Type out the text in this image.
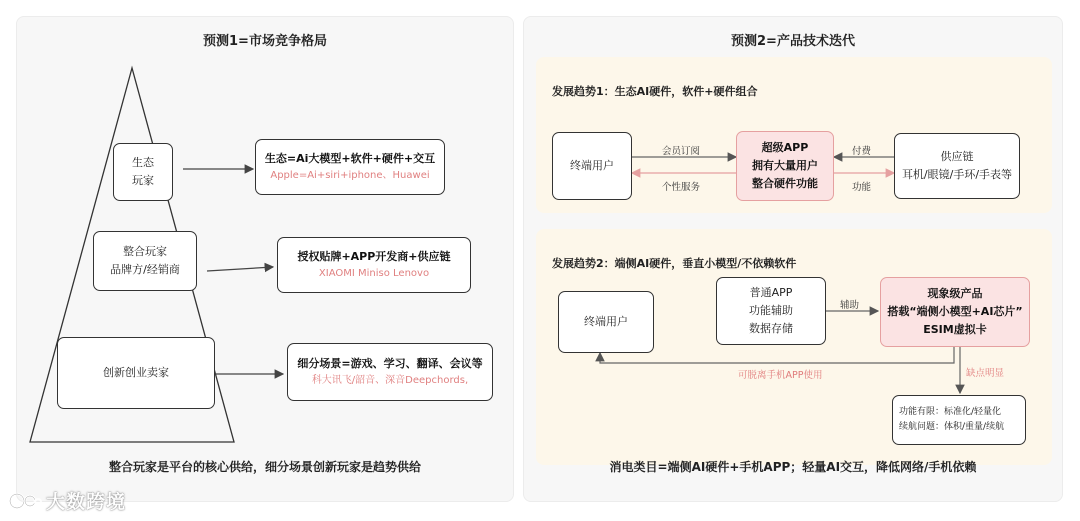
预测1=市场竞争格局
生态
玩家
整合玩家
品牌方/经销商
创新创业卖家
生态=Ai大模型+软件+硬件+交互
Apple=Ai+siri+iphone、Huawei
授权贴牌+APP开发商+供应链
XIAOMI Miniso Lenovo
细分场景=游戏、学习、翻译、会议等
科大讯飞/韶音、深音Deepchords,
整合玩家是平台的核心供给，细分场景创新玩家是趋势供给
预测2=产品技术迭代
发展趋势1：生态AI硬件，软件+硬件组合
终端用户
超级APP
拥有大量用户
整合硬件功能
供应链
耳机/眼镜/手环/手表等
会员订阅
个性服务
付费
功能
发展趋势2：端侧AI硬件，垂直小模型/不依赖软件
终端用户
普通APP
功能辅助
数据存储
现象级产品
搭载“端侧小模型+AI芯片”
ESIM虚拟卡
功能有限：标准化/轻量化
续航问题：体积/重量/续航
辅助
可脱离手机APP使用	缺点明显
消电类目=端侧AI硬件+手机APP；轻量AI交互，降低网络/手机依赖
大数跨境
